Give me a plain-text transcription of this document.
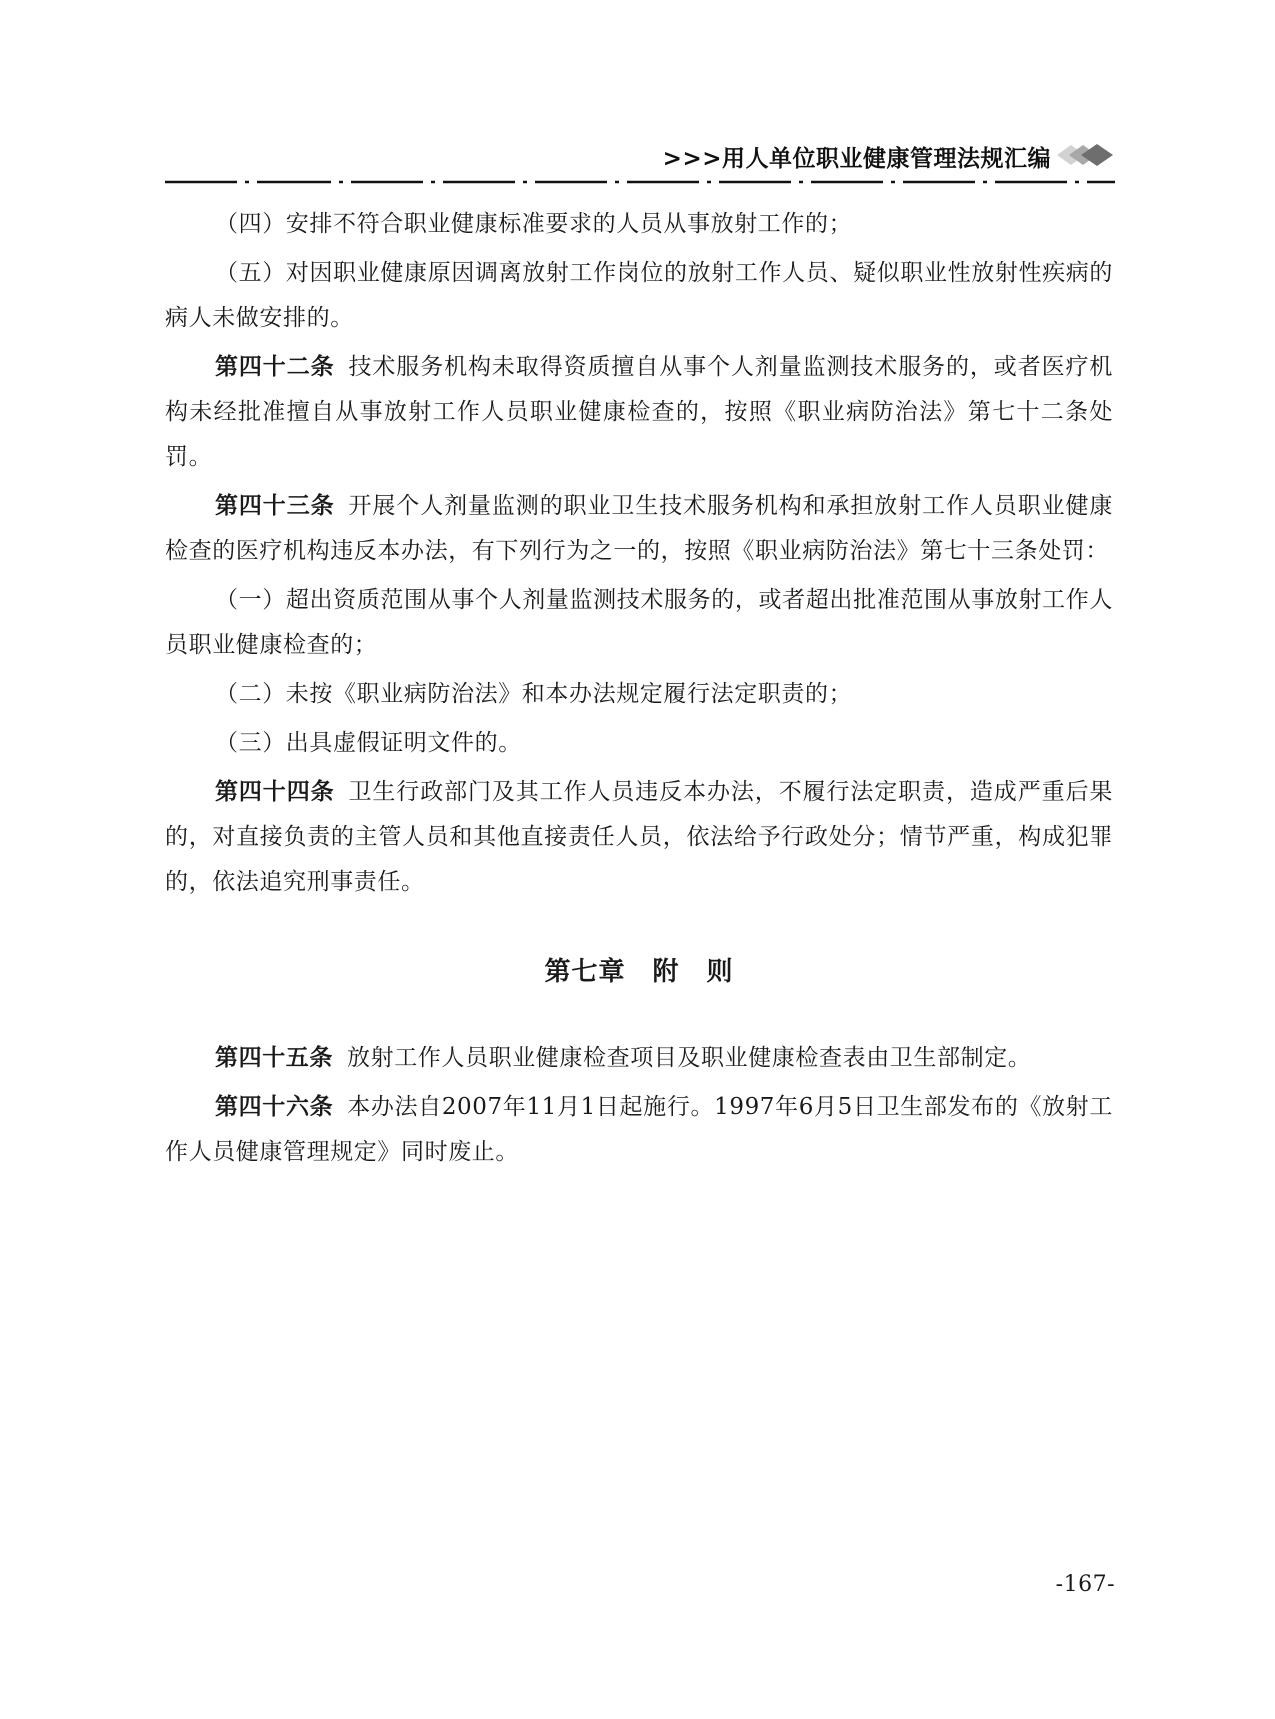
>>>用人单位职业健康管理法规汇编

（四）安排不符合职业健康标准要求的人员从事放射工作的；

（五）对因职业健康原因调离放射工作岗位的放射工作人员、疑似职业性放射性疾病的病人未做安排的。

第四十二条 技术服务机构未取得资质擅自从事个人剂量监测技术服务的，或者医疗机构未经批准擅自从事放射工作人员职业健康检查的，按照《职业病防治法》第七十二条处罚。

第四十三条 开展个人剂量监测的职业卫生技术服务机构和承担放射工作人员职业健康检查的医疗机构违反本办法，有下列行为之一的，按照《职业病防治法》第七十三条处罚：

（一）超出资质范围从事个人剂量监测技术服务的，或者超出批准范围从事放射工作人员职业健康检查的；

（二）未按《职业病防治法》和本办法规定履行法定职责的；

（三）出具虚假证明文件的。

第四十四条 卫生行政部门及其工作人员违反本办法，不履行法定职责，造成严重后果的，对直接负责的主管人员和其他直接责任人员，依法给予行政处分；情节严重，构成犯罪的，依法追究刑事责任。

第七章　附　则

第四十五条 放射工作人员职业健康检查项目及职业健康检查表由卫生部制定。

第四十六条 本办法自2007年11月1日起施行。1997年6月5日卫生部发布的《放射工作人员健康管理规定》同时废止。

-167-
